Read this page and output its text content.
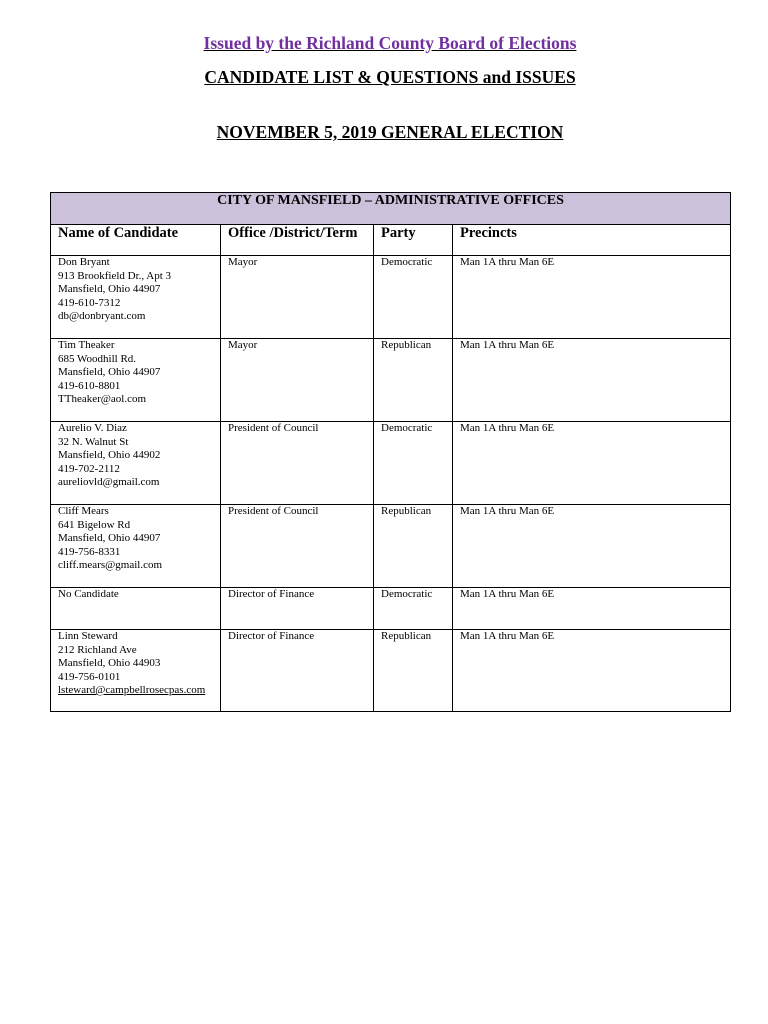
Issued by the Richland County Board of Elections
CANDIDATE LIST & QUESTIONS and ISSUES
NOVEMBER 5, 2019 GENERAL ELECTION
CITY OF MANSFIELD – ADMINISTRATIVE OFFICES			
Name of Candidate	Office /District/Term	Party	Precincts

Don Bryant
913 Brookfield Dr., Apt 3
Mansfield, Ohio 44907
419-610-7312
db@donbryant.com	Mayor	Democratic	Man 1A thru Man 6E

Tim Theaker
685 Woodhill Rd.
Mansfield, Ohio 44907
419-610-8801
TTheaker@aol.com	Mayor	Republican	Man 1A thru Man 6E

Aurelio V. Diaz
32 N. Walnut St
Mansfield, Ohio 44902
419-702-2112
aureliovld@gmail.com	President of Council	Democratic	Man 1A thru Man 6E

Cliff Mears
641 Bigelow Rd
Mansfield, Ohio 44907
419-756-8331
cliff.mears@gmail.com	President of Council	Republican	Man 1A thru Man 6E

No Candidate	Director of Finance	Democratic	Man 1A thru Man 6E

Linn Steward
212 Richland Ave
Mansfield, Ohio 44903
419-756-0101
lsteward@campbellrosecpas.com	Director of Finance	Republican	Man 1A thru Man 6E
